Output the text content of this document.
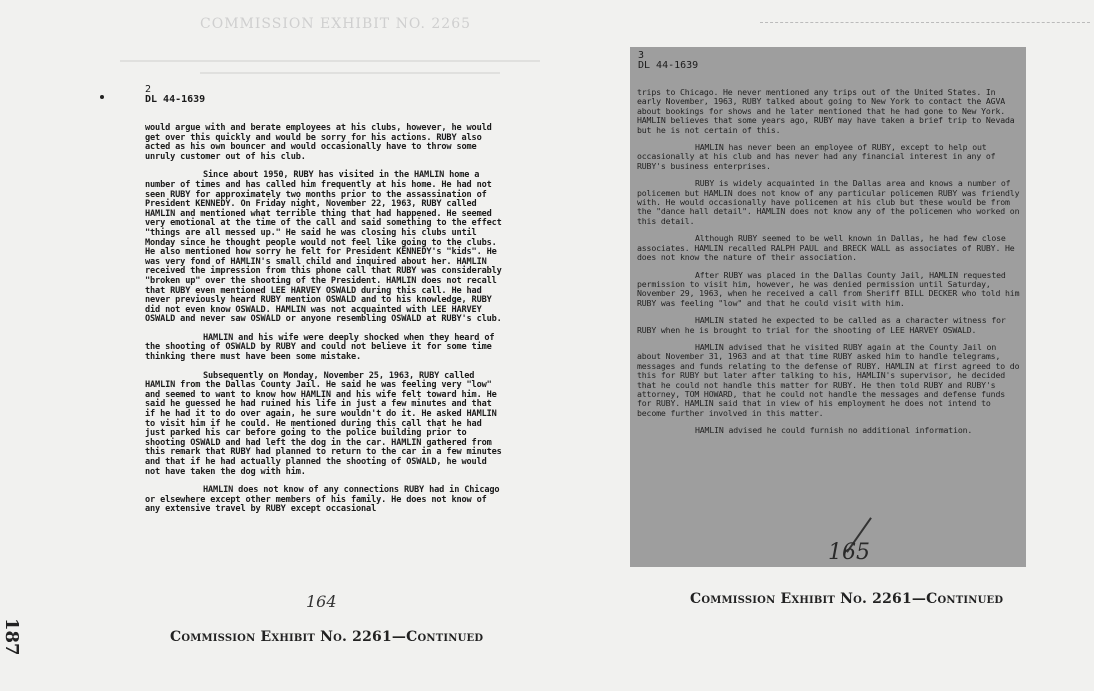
COMMISSION EXHIBIT NO. 2265
2
DL 44-1639

would argue with and berate employees at his clubs, however, he would get over this quickly and would be sorry for his actions. RUBY also acted as his own bouncer and would occasionally have to throw some unruly customer out of his club.

Since about 1950, RUBY has visited in the HAMLIN home a number of times and has called him frequently at his home. He had not seen RUBY for approximately two months prior to the assassination of President KENNEDY. On Friday night, November 22, 1963, RUBY called HAMLIN and mentioned what terrible thing that had happened. He seemed very emotional at the time of the call and said something to the effect "things are all messed up." He said he was closing his clubs until Monday since he thought people would not feel like going to the clubs. He also mentioned how sorry he felt for President KENNEDY's "kids". He was very fond of HAMLIN's small child and inquired about her. HAMLIN received the impression from this phone call that RUBY was considerably "broken up" over the shooting of the President. HAMLIN does not recall that RUBY even mentioned LEE HARVEY OSWALD during this call. He had never previously heard RUBY mention OSWALD and to his knowledge, RUBY did not even know OSWALD. HAMLIN was not acquainted with LEE HARVEY OSWALD and never saw OSWALD or anyone resembling OSWALD at RUBY's club.

HAMLIN and his wife were deeply shocked when they heard of the shooting of OSWALD by RUBY and could not believe it for some time thinking there must have been some mistake.

Subsequently on Monday, November 25, 1963, RUBY called HAMLIN from the Dallas County Jail. He said he was feeling very "low" and seemed to want to know how HAMLIN and his wife felt toward him. He said he guessed he had ruined his life in just a few minutes and that if he had it to do over again, he sure wouldn't do it. He asked HAMLIN to visit him if he could. He mentioned during this call that he had just parked his car before going to the police building prior to shooting OSWALD and had left the dog in the car. HAMLIN gathered from this remark that RUBY had planned to return to the car in a few minutes and that if he had actually planned the shooting of OSWALD, he would not have taken the dog with him.

HAMLIN does not know of any connections RUBY had in Chicago or elsewhere except other members of his family. He does not know of any extensive travel by RUBY except occasional

164
Commission Exhibit No. 2261—Continued
187
3
DL 44-1639

trips to Chicago. He never mentioned any trips out of the United States. In early November, 1963, RUBY talked about going to New York to contact the AGVA about bookings for shows and he later mentioned that he had gone to New York. HAMLIN believes that some years ago, RUBY may have taken a brief trip to Nevada but he is not certain of this.

HAMLIN has never been an employee of RUBY, except to help out occasionally at his club and has never had any financial interest in any of RUBY's business enterprises.

RUBY is widely acquainted in the Dallas area and knows a number of policemen but HAMLIN does not know of any particular policemen RUBY was friendly with. He would occasionally have policemen at his club but these would be from the "dance hall detail". HAMLIN does not know any of the policemen who worked on this detail.

Although RUBY seemed to be well known in Dallas, he had few close associates. HAMLIN recalled RALPH PAUL and BRECK WALL as associates of RUBY. He does not know the nature of their association.

After RUBY was placed in the Dallas County Jail, HAMLIN requested permission to visit him, however, he was denied permission until Saturday, November 29, 1963, when he received a call from Sheriff BILL DECKER who told him RUBY was feeling "low" and that he could visit with him.

HAMLIN stated he expected to be called as a character witness for RUBY when he is brought to trial for the shooting of LEE HARVEY OSWALD.

HAMLIN advised that he visited RUBY again at the County Jail on about November 31, 1963 and at that time RUBY asked him to handle telegrams, messages and funds relating to the defense of RUBY. HAMLIN at first agreed to do this for RUBY but later after talking to his, HAMLIN's supervisor, he decided that he could not handle this matter for RUBY. He then told RUBY and RUBY's attorney, TOM HOWARD, that he could not handle the messages and defense funds for RUBY. HAMLIN said that in view of his employment he does not intend to become further involved in this matter.

HAMLIN advised he could furnish no additional information.

165
Commission Exhibit No. 2261—Continued
